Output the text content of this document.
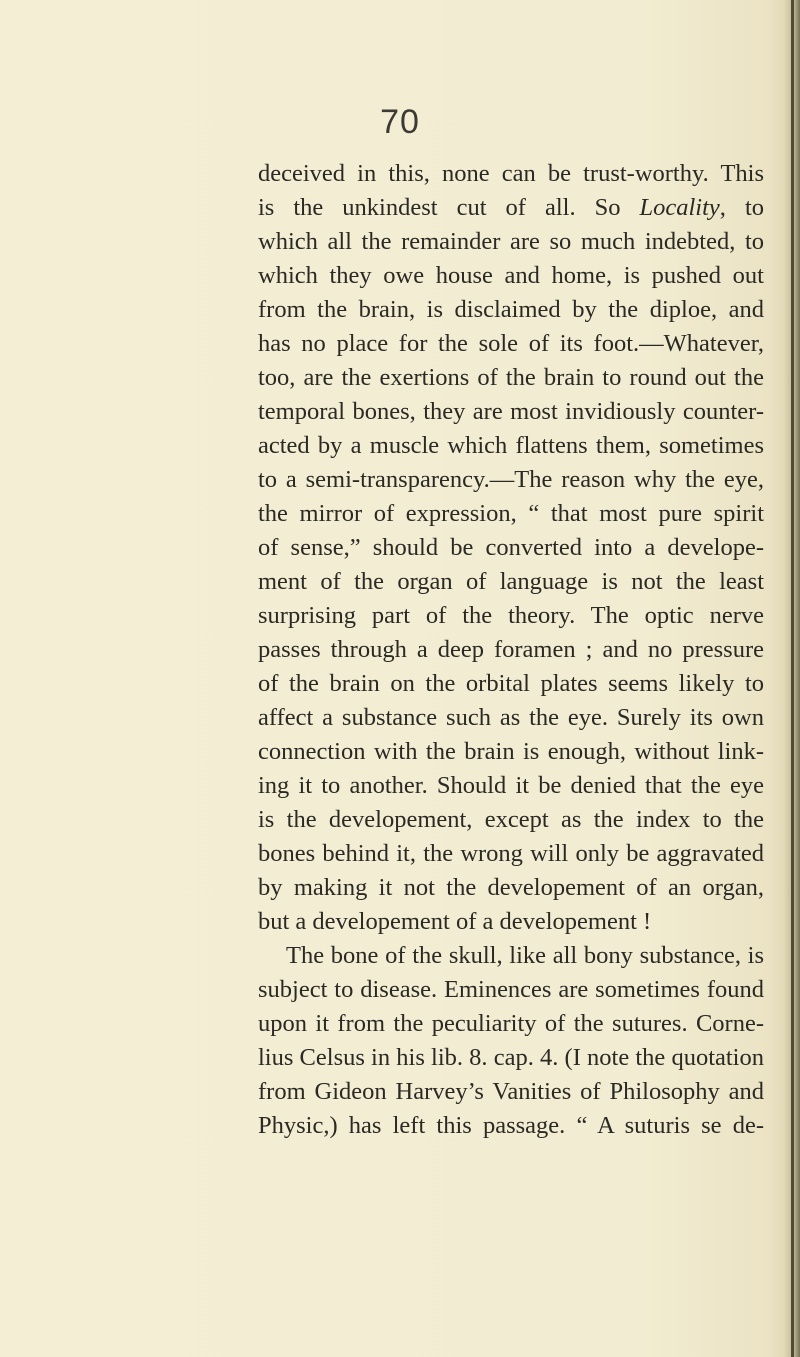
70
deceived in this, none can be trust-worthy. This
is the unkindest cut of all. So Locality, to
which all the remainder are so much indebted, to
which they owe house and home, is pushed out
from the brain, is disclaimed by the diploe, and
has no place for the sole of its foot.—Whatever,
too, are the exertions of the brain to round out the
temporal bones, they are most invidiously counter-
acted by a muscle which flattens them, sometimes
to a semi-transparency.—The reason why the eye,
the mirror of expression, “ that most pure spirit
of sense,” should be converted into a develope-
ment of the organ of language is not the least
surprising part of the theory. The optic nerve
passes through a deep foramen ; and no pressure
of the brain on the orbital plates seems likely to
affect a substance such as the eye. Surely its own
connection with the brain is enough, without link-
ing it to another. Should it be denied that the eye
is the developement, except as the index to the
bones behind it, the wrong will only be aggravated
by making it not the developement of an organ,
but a developement of a developement !
The bone of the skull, like all bony substance, is
subject to disease. Eminences are sometimes found
upon it from the peculiarity of the sutures. Corne-
lius Celsus in his lib. 8. cap. 4. (I note the quotation
from Gideon Harvey’s Vanities of Philosophy and
Physic,) has left this passage. “ A suturis se de-
